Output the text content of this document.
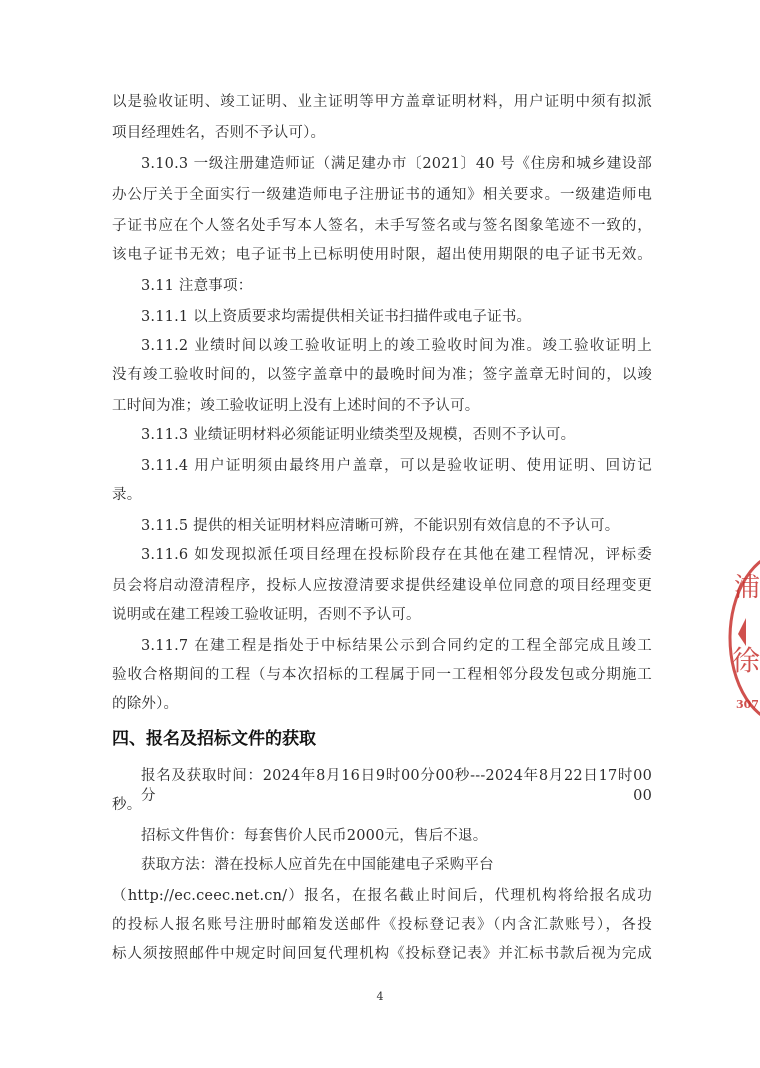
以是验收证明、竣工证明、业主证明等甲方盖章证明材料，用户证明中须有拟派
项目经理姓名，否则不予认可）。
3.10.3 一级注册建造师证（满足建办市〔2021〕40 号《住房和城乡建设部
办公厅关于全面实行一级建造师电子注册证书的通知》相关要求。一级建造师电
子证书应在个人签名处手写本人签名，未手写签名或与签名图象笔迹不一致的，
该电子证书无效；电子证书上已标明使用时限，超出使用期限的电子证书无效。
3.11 注意事项：
3.11.1 以上资质要求均需提供相关证书扫描件或电子证书。
3.11.2 业绩时间以竣工验收证明上的竣工验收时间为准。竣工验收证明上
没有竣工验收时间的，以签字盖章中的最晚时间为准；签字盖章无时间的，以竣
工时间为准；竣工验收证明上没有上述时间的不予认可。
3.11.3 业绩证明材料必须能证明业绩类型及规模，否则不予认可。
3.11.4 用户证明须由最终用户盖章，可以是验收证明、使用证明、回访记
录。
3.11.5 提供的相关证明材料应清晰可辨，不能识别有效信息的不予认可。
3.11.6 如发现拟派任项目经理在投标阶段存在其他在建工程情况，评标委
员会将启动澄清程序，投标人应按澄清要求提供经建设单位同意的项目经理变更
说明或在建工程竣工验收证明，否则不予认可。
3.11.7 在建工程是指处于中标结果公示到合同约定的工程全部完成且竣工
验收合格期间的工程（与本次招标的工程属于同一工程相邻分段发包或分期施工
的除外）。
四、报名及招标文件的获取
报名及获取时间：2024年8月16日9时00分00秒---2024年8月22日17时00分00
秒。
招标文件售价：每套售价人民币2000元，售后不退。
获取方法：潜在投标人应首先在中国能建电子采购平台
（http://ec.ceec.net.cn/）报名，在报名截止时间后，代理机构将给报名成功
的投标人报名账号注册时邮箱发送邮件《投标登记表》（内含汇款账号），各投
标人须按照邮件中规定时间回复代理机构《投标登记表》并汇标书款后视为完成
浦
徐
307
4
